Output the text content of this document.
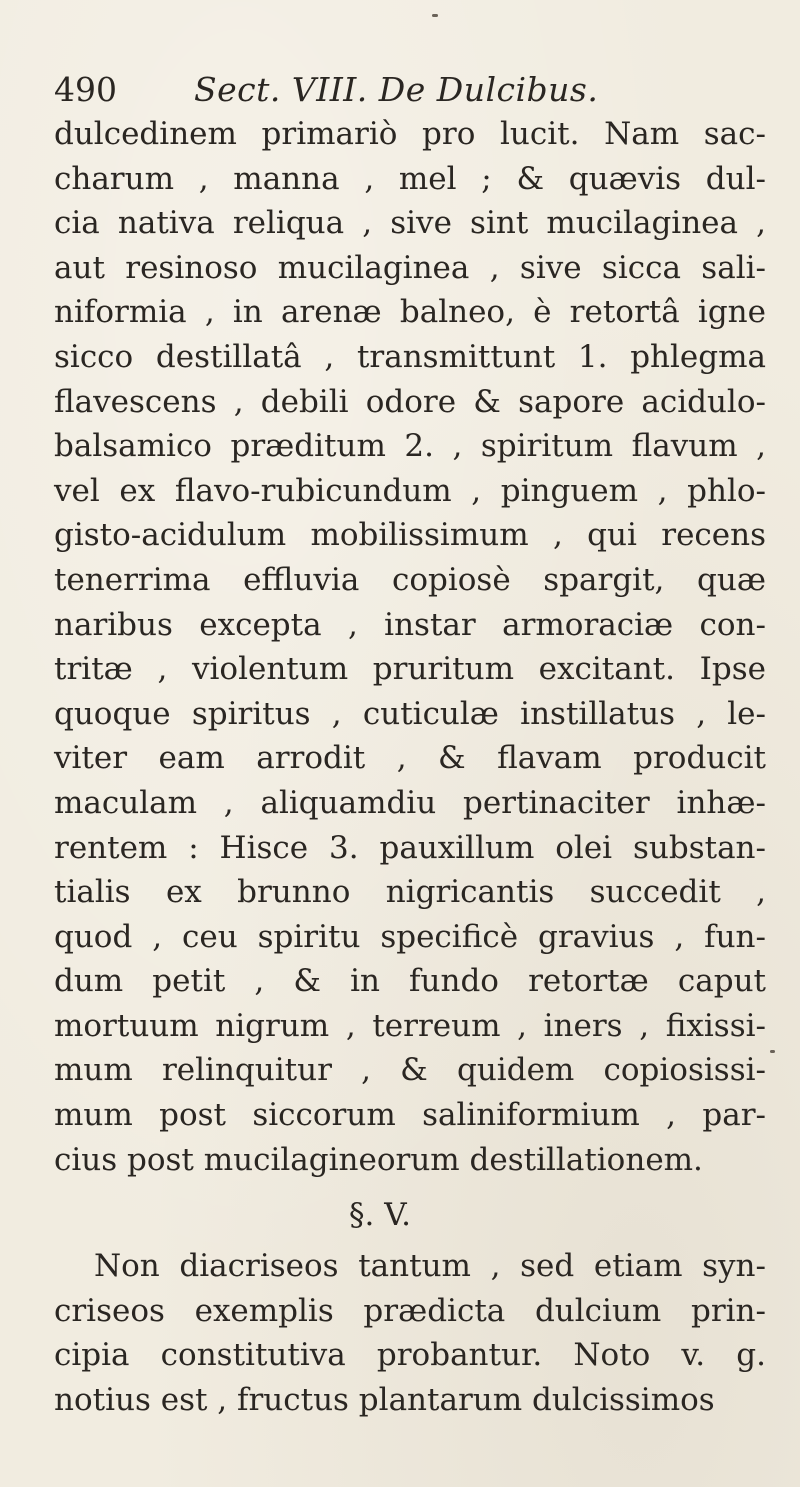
490 Sect. VIII. De Dulcibus.
dulcedinem primariò pro lucit. Nam sac-
charum , manna , mel ; & quævis dul-
cia nativa reliqua , sive sint mucilaginea ,
aut resinoso mucilaginea , sive sicca sali-
niformia , in arenæ balneo, è retortâ igne
sicco destillatâ , transmittunt 1. phlegma
flavescens , debili odore & sapore acidulo-
balsamico præditum 2. , spiritum flavum ,
vel ex flavo-rubicundum , pinguem , phlo-
gisto-acidulum mobilissimum , qui recens
tenerrima effluvia copiosè spargit, quæ
naribus excepta , instar armoraciæ con-
tritæ , violentum pruritum excitant. Ipse
quoque spiritus , cuticulæ instillatus , le-
viter eam arrodit , & flavam producit
maculam , aliquamdiu pertinaciter inhæ-
rentem : Hisce 3. pauxillum olei substan-
tialis ex brunno nigricantis succedit ,
quod , ceu spiritu specificè gravius , fun-
dum petit , & in fundo retortæ caput
mortuum nigrum , terreum , iners , fixissi-
mum relinquitur , & quidem copiosissi-
mum post siccorum saliniformium , par-
cius post mucilagineorum destillationem.
§. V.
Non diacriseos tantum , sed etiam syn-
criseos exemplis prædicta dulcium prin-
cipia constitutiva probantur. Noto v. g.
notius est , fructus plantarum dulcissimos
